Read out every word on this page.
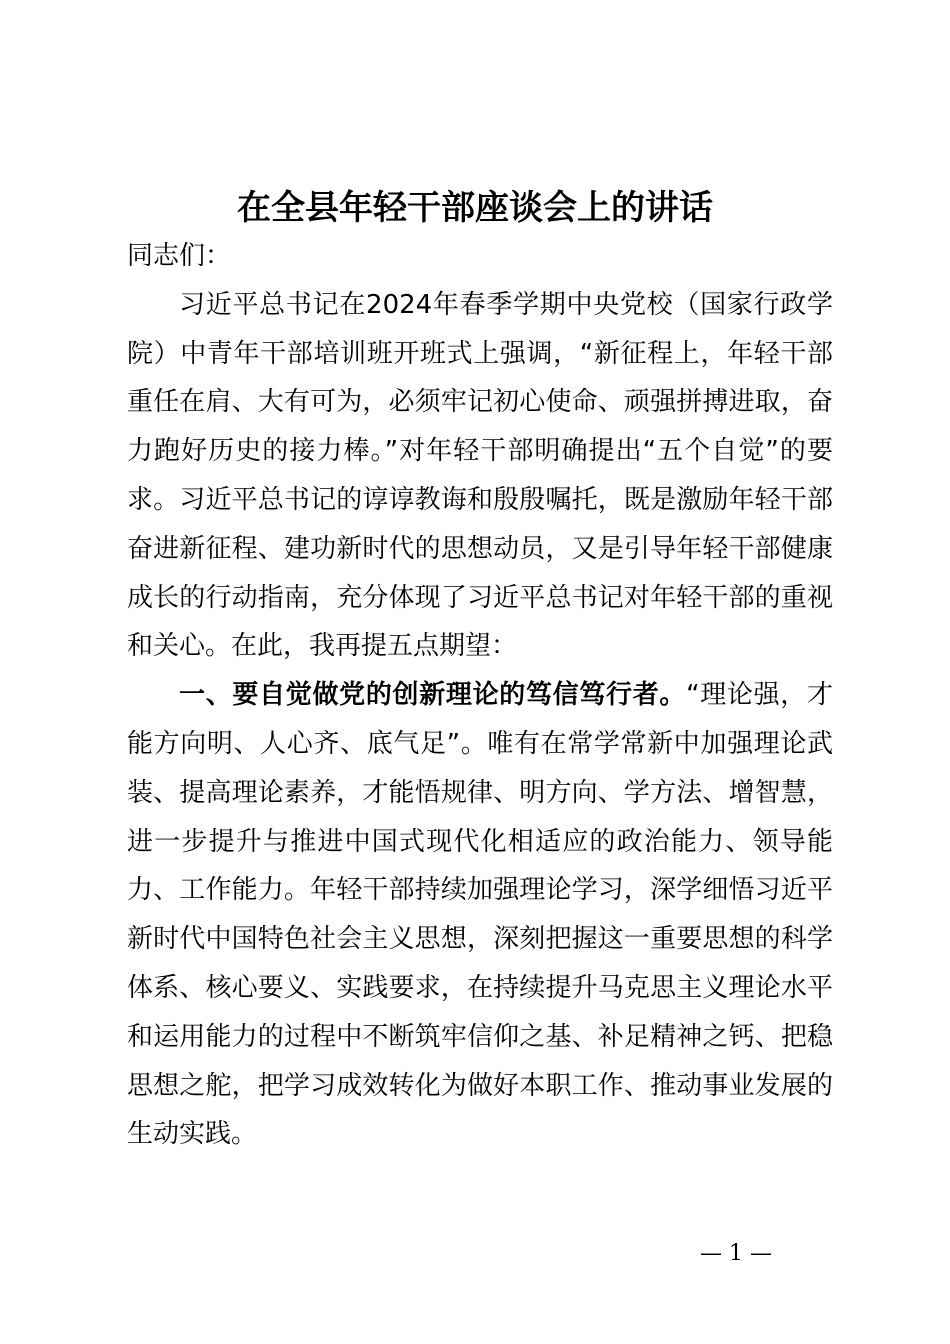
在全县年轻干部座谈会上的讲话

同志们：

习近平总书记在2024年春季学期中央党校（国家行政学院）中青年干部培训班开班式上强调，“新征程上，年轻干部重任在肩、大有可为，必须牢记初心使命、顽强拼搏进取，奋力跑好历史的接力棒。”对年轻干部明确提出“五个自觉”的要求。习近平总书记的谆谆教诲和殷殷嘱托，既是激励年轻干部奋进新征程、建功新时代的思想动员，又是引导年轻干部健康成长的行动指南，充分体现了习近平总书记对年轻干部的重视和关心。在此，我再提五点期望：

一、要自觉做党的创新理论的笃信笃行者。“理论强，才能方向明、人心齐、底气足”。唯有在常学常新中加强理论武装、提高理论素养，才能悟规律、明方向、学方法、增智慧，进一步提升与推进中国式现代化相适应的政治能力、领导能力、工作能力。年轻干部持续加强理论学习，深学细悟习近平新时代中国特色社会主义思想，深刻把握这一重要思想的科学体系、核心要义、实践要求，在持续提升马克思主义理论水平和运用能力的过程中不断筑牢信仰之基、补足精神之钙、把稳思想之舵，把学习成效转化为做好本职工作、推动事业发展的生动实践。

— 1 —
